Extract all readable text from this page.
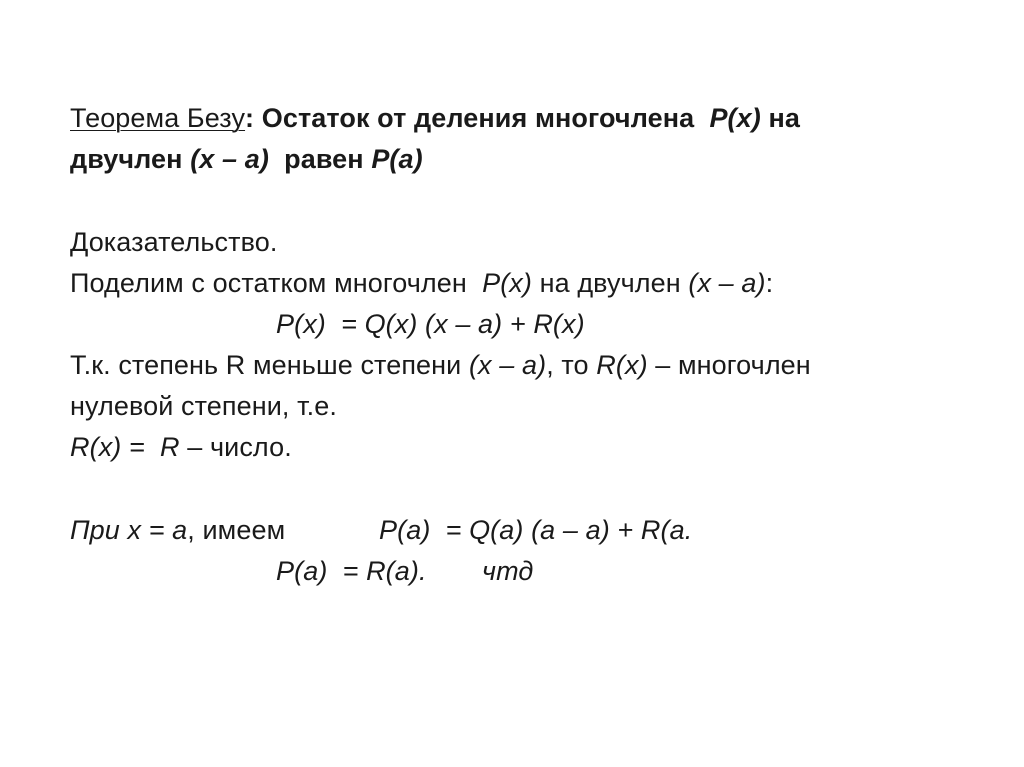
Теорема Безу: Остаток от деления многочлена  P(x) на
двучлен (x – a)  равен P(a)
Доказательство.
Поделим с остатком многочлен  P(x) на двучлен (x – a):
P(x)  = Q(x) (x – a) + R(x)
Т.к. степень R меньше степени (x – a), то R(x) – многочлен
нулевой степени, т.е.
R(x) =  R – число.
При x = a, имеем	P(a)  = Q(a) (a – a) + R(a.
P(a)  = R(a). чтд
